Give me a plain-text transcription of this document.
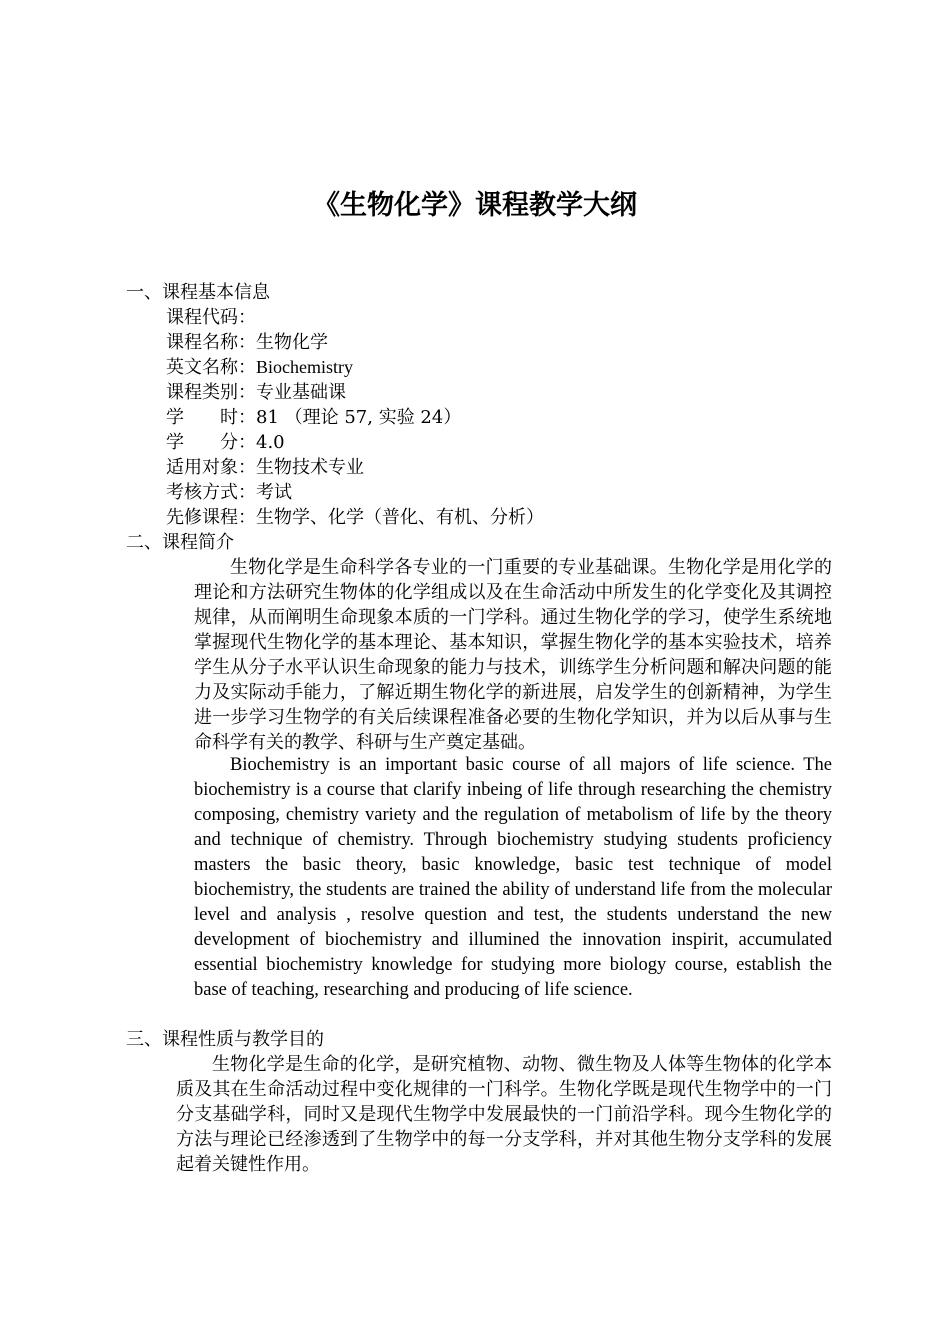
《生物化学》课程教学大纲
一、课程基本信息
课程代码：
课程名称：生物化学
英文名称：Biochemistry
课程类别：专业基础课
学　　时：81 （理论 57, 实验 24）
学　　分：4.0
适用对象：生物技术专业
考核方式：考试
先修课程：生物学、化学（普化、有机、分析）
二、课程简介
生物化学是生命科学各专业的一门重要的专业基础课。生物化学是用化学的理论和方法研究生物体的化学组成以及在生命活动中所发生的化学变化及其调控规律，从而阐明生命现象本质的一门学科。通过生物化学的学习，使学生系统地掌握现代生物化学的基本理论、基本知识，掌握生物化学的基本实验技术，培养学生从分子水平认识生命现象的能力与技术，训练学生分析问题和解决问题的能力及实际动手能力，了解近期生物化学的新进展，启发学生的创新精神，为学生进一步学习生物学的有关后续课程准备必要的生物化学知识，并为以后从事与生命科学有关的教学、科研与生产奠定基础。
Biochemistry is an important basic course of all majors of life science. The biochemistry is a course that clarify inbeing of life through researching the chemistry composing, chemistry variety and the regulation of metabolism of life by the theory and technique of chemistry. Through biochemistry studying students proficiency masters the basic theory, basic knowledge, basic test technique of model biochemistry, the students are trained the ability of understand life from the molecular level and analysis , resolve question and test, the students understand the new development of biochemistry and illumined the innovation inspirit, accumulated essential biochemistry knowledge for studying more biology course, establish the base of teaching, researching and producing of life science.
三、课程性质与教学目的
生物化学是生命的化学，是研究植物、动物、微生物及人体等生物体的化学本质及其在生命活动过程中变化规律的一门科学。生物化学既是现代生物学中的一门分支基础学科，同时又是现代生物学中发展最快的一门前沿学科。现今生物化学的方法与理论已经渗透到了生物学中的每一分支学科，并对其他生物分支学科的发展起着关键性作用。
